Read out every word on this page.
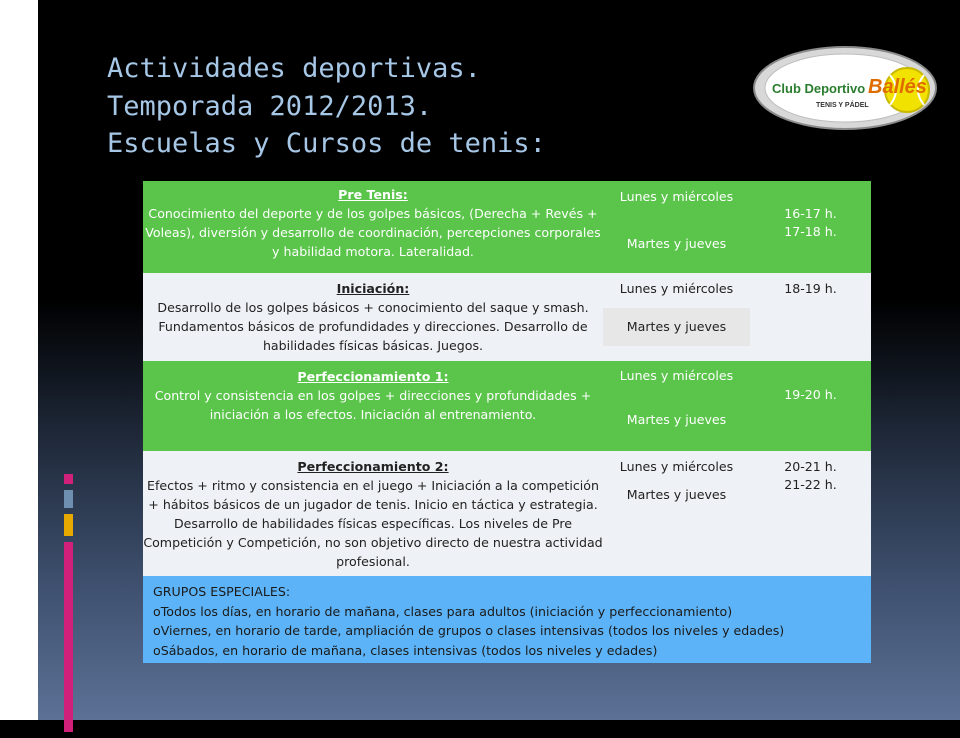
Actividades deportivas.
Temporada 2012/2013.
Escuelas y Cursos de tenis:
Club Deportivo Ballés
TENIS Y PÁDEL
Pre Tenis:
Conocimiento del deporte y de los golpes básicos, (Derecha + Revés + Voleas), diversión y desarrollo de coordinación, percepciones corporales y habilidad motora. Lateralidad.
Lunes y miércoles
Martes y jueves
16-17 h.
17-18 h.
Iniciación:
Desarrollo de los golpes básicos + conocimiento del saque y smash. Fundamentos básicos de profundidades y direcciones. Desarrollo de habilidades físicas básicas. Juegos.
Lunes y miércoles
Martes y jueves
18-19 h.
Perfeccionamiento 1:
Control y consistencia en los golpes + direcciones y profundidades + iniciación a los efectos. Iniciación al entrenamiento.
Lunes y miércoles
Martes y jueves
19-20 h.
Perfeccionamiento 2:
Efectos + ritmo y consistencia en el juego + Iniciación a la competición + hábitos básicos de un jugador de tenis. Inicio en táctica y estrategia. Desarrollo de habilidades físicas específicas. Los niveles de Pre Competición y Competición, no son objetivo directo de nuestra actividad profesional.
Lunes y miércoles
Martes y jueves
20-21 h.
21-22 h.
GRUPOS ESPECIALES:
oTodos los días, en horario de mañana, clases para adultos (iniciación y perfeccionamiento)
oViernes, en horario de tarde, ampliación de grupos o clases intensivas (todos los niveles y edades)
oSábados, en horario de mañana, clases intensivas (todos los niveles y edades)
